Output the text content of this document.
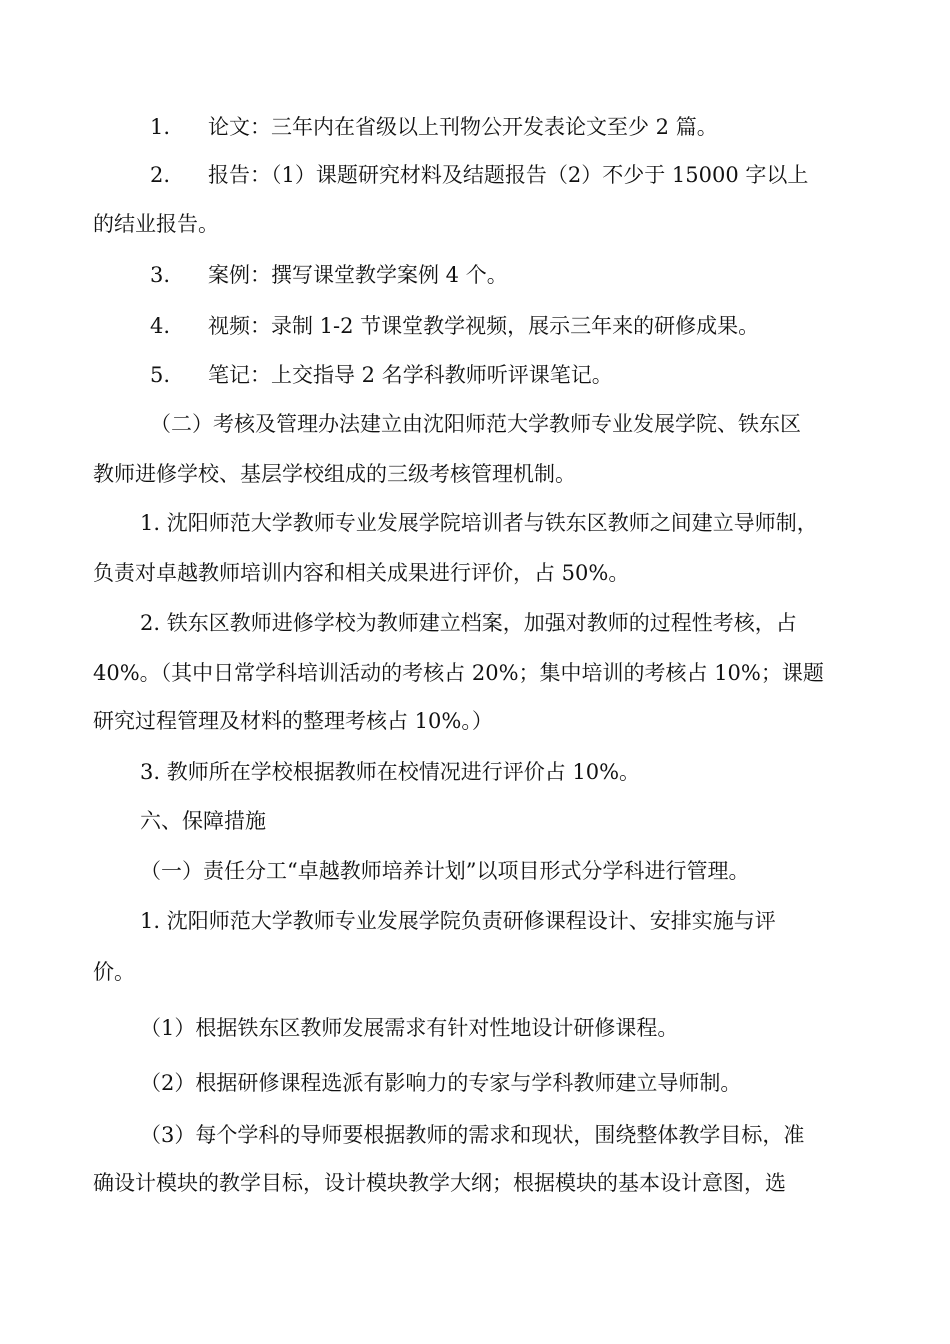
1. 论文：三年内在省级以上刊物公开发表论文至少 2 篇。
2. 报告：（1）课题研究材料及结题报告（2）不少于 15000 字以上
的结业报告。
3. 案例：撰写课堂教学案例 4 个。
4. 视频：录制 1-2 节课堂教学视频，展示三年来的研修成果。
5. 笔记：上交指导 2 名学科教师听评课笔记。
（二）考核及管理办法建立由沈阳师范大学教师专业发展学院、铁东区
教师进修学校、基层学校组成的三级考核管理机制。
1. 沈阳师范大学教师专业发展学院培训者与铁东区教师之间建立导师制，
负责对卓越教师培训内容和相关成果进行评价，占 50%。
2. 铁东区教师进修学校为教师建立档案，加强对教师的过程性考核，占
40%。（其中日常学科培训活动的考核占 20%；集中培训的考核占 10%；课题
研究过程管理及材料的整理考核占 10%。）
3. 教师所在学校根据教师在校情况进行评价占 10%。
六、保障措施
（一）责任分工“卓越教师培养计划”以项目形式分学科进行管理。
1. 沈阳师范大学教师专业发展学院负责研修课程设计、安排实施与评
价。
（1）根据铁东区教师发展需求有针对性地设计研修课程。
（2）根据研修课程选派有影响力的专家与学科教师建立导师制。
（3）每个学科的导师要根据教师的需求和现状，围绕整体教学目标，准
确设计模块的教学目标，设计模块教学大纲；根据模块的基本设计意图，选
